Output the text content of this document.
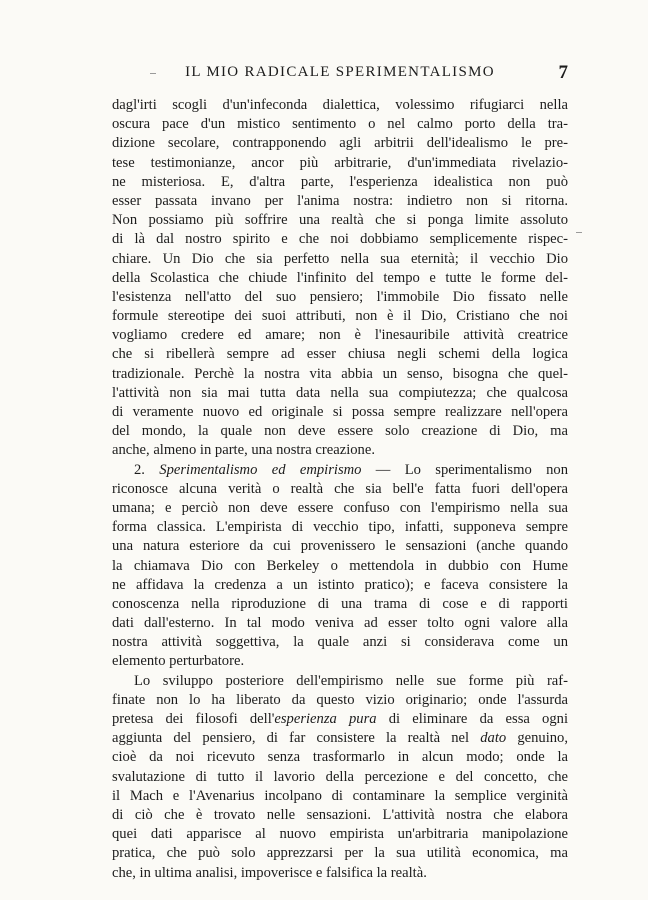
IL MIO RADICALE SPERIMENTALISMO	7
dagl'irti scogli d'un'infeconda dialettica, volessimo rifugiarci nella
oscura pace d'un mistico sentimento o nel calmo porto della tra-
dizione secolare, contrapponendo agli arbitrii dell'idealismo le pre-
tese testimonianze, ancor più arbitrarie, d'un'immediata rivelazio-
ne misteriosa. E, d'altra parte, l'esperienza idealistica non può
esser passata invano per l'anima nostra: indietro non si ritorna.
Non possiamo più soffrire una realtà che si ponga limite assoluto
di là dal nostro spirito e che noi dobbiamo semplicemente rispec-
chiare. Un Dio che sia perfetto nella sua eternità; il vecchio Dio
della Scolastica che chiude l'infinito del tempo e tutte le forme del-
l'esistenza nell'atto del suo pensiero; l'immobile Dio fissato nelle
formule stereotipe dei suoi attributi, non è il Dio, Cristiano che noi
vogliamo credere ed amare; non è l'inesauribile attività creatrice
che si ribellerà sempre ad esser chiusa negli schemi della logica
tradizionale. Perchè la nostra vita abbia un senso, bisogna che quel-
l'attività non sia mai tutta data nella sua compiutezza; che qualcosa
di veramente nuovo ed originale si possa sempre realizzare nell'opera
del mondo, la quale non deve essere solo creazione di Dio, ma
anche, almeno in parte, una nostra creazione.
2. Sperimentalismo ed empirismo — Lo sperimentalismo non
riconosce alcuna verità o realtà che sia bell'e fatta fuori dell'opera
umana; e perciò non deve essere confuso con l'empirismo nella sua
forma classica. L'empirista di vecchio tipo, infatti, supponeva sempre
una natura esteriore da cui provenissero le sensazioni (anche quando
la chiamava Dio con Berkeley o mettendola in dubbio con Hume
ne affidava la credenza a un istinto pratico); e faceva consistere la
conoscenza nella riproduzione di una trama di cose e di rapporti
dati dall'esterno. In tal modo veniva ad esser tolto ogni valore alla
nostra attività soggettiva, la quale anzi si considerava come un
elemento perturbatore.
Lo sviluppo posteriore dell'empirismo nelle sue forme più raf-
finate non lo ha liberato da questo vizio originario; onde l'assurda
pretesa dei filosofi dell'esperienza pura di eliminare da essa ogni
aggiunta del pensiero, di far consistere la realtà nel dato genuino,
cioè da noi ricevuto senza trasformarlo in alcun modo; onde la
svalutazione di tutto il lavorio della percezione e del concetto, che
il Mach e l'Avenarius incolpano di contaminare la semplice verginità
di ciò che è trovato nelle sensazioni. L'attività nostra che elabora
quei dati apparisce al nuovo empirista un'arbitraria manipolazione
pratica, che può solo apprezzarsi per la sua utilità economica, ma
che, in ultima analisi, impoverisce e falsifica la realtà.
